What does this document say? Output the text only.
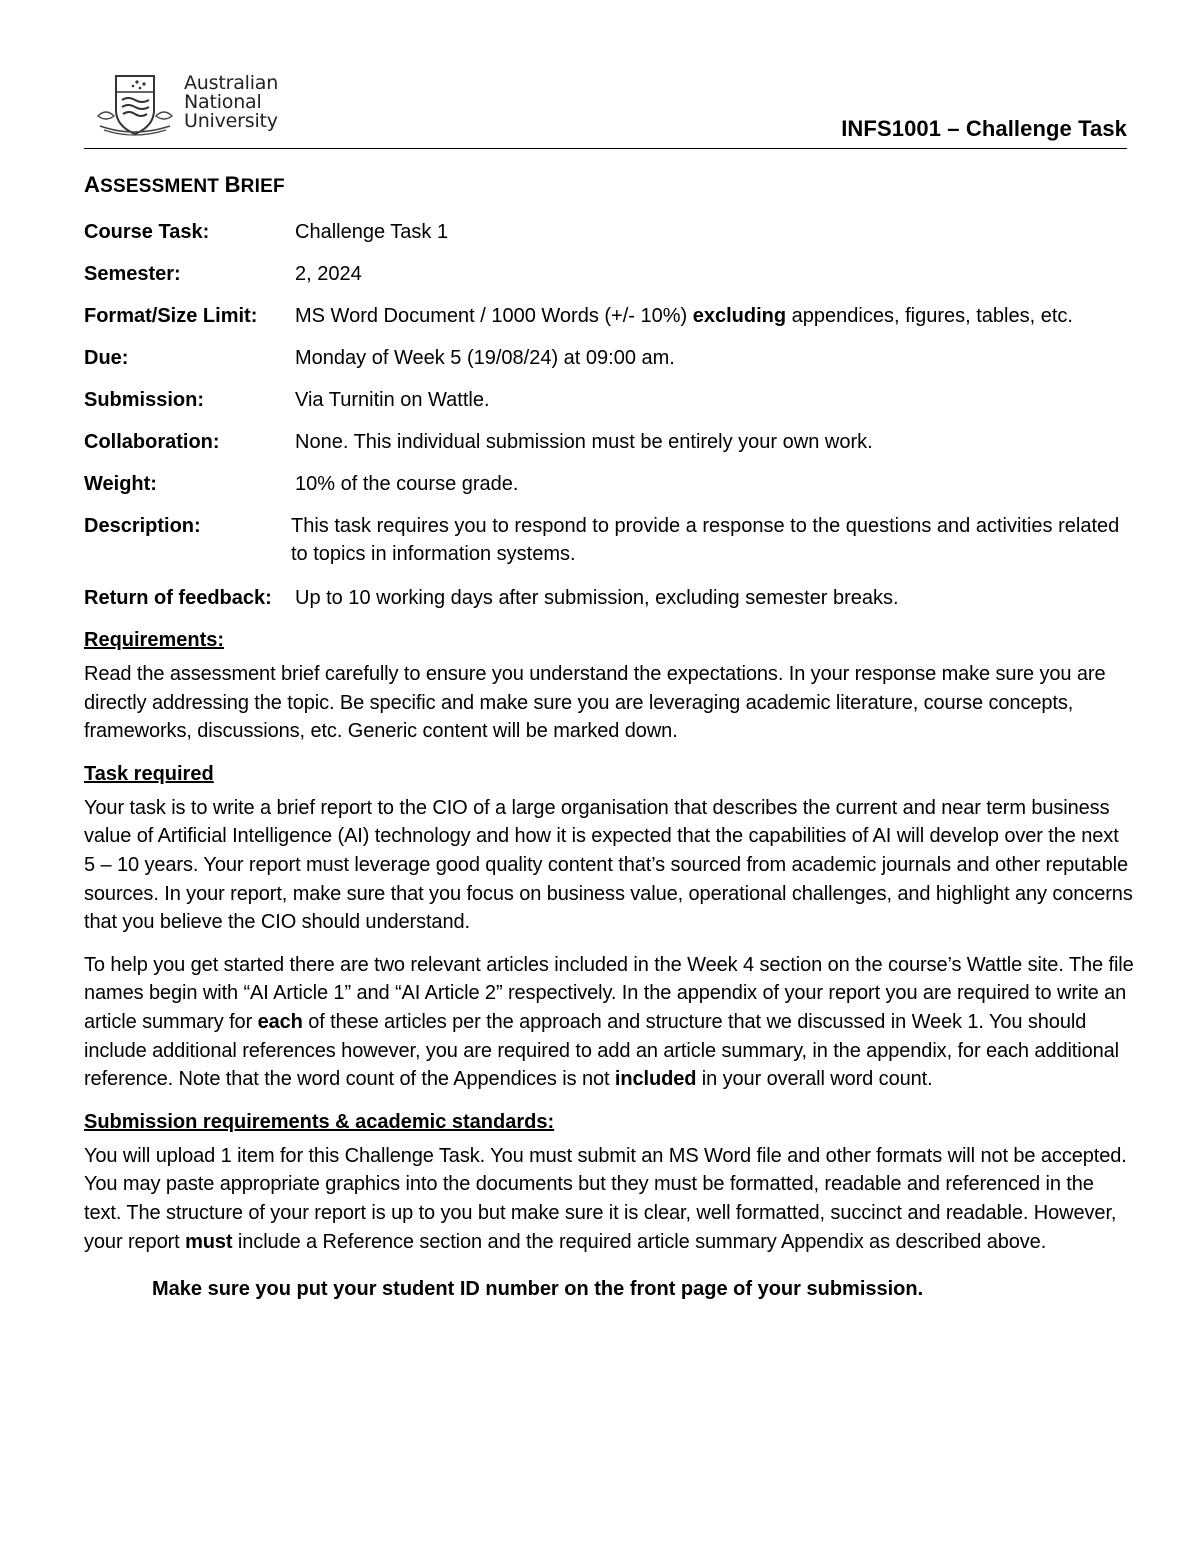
Australian
National
University	INFS1001 – Challenge Task
ASSESSMENT BRIEF
Course Task:	Challenge Task 1
Semester:	2, 2024
Format/Size Limit:	MS Word Document / 1000 Words (+/- 10%) excluding appendices, figures, tables, etc.
Due:	Monday of Week 5 (19/08/24) at 09:00 am.
Submission:	Via Turnitin on Wattle.
Collaboration:	None. This individual submission must be entirely your own work.
Weight:	10% of the course grade.
Description:	This task requires you to respond to provide a response to the questions and activities related to topics in information systems.
Return of feedback:	Up to 10 working days after submission, excluding semester breaks.
Requirements:

Read the assessment brief carefully to ensure you understand the expectations. In your response make sure you are directly addressing the topic. Be specific and make sure you are leveraging academic literature, course concepts, frameworks, discussions, etc. Generic content will be marked down.

Task required

Your task is to write a brief report to the CIO of a large organisation that describes the current and near term business value of Artificial Intelligence (AI) technology and how it is expected that the capabilities of AI will develop over the next 5 – 10 years. Your report must leverage good quality content that’s sourced from academic journals and other reputable sources. In your report, make sure that you focus on business value, operational challenges, and highlight any concerns that you believe the CIO should understand.

To help you get started there are two relevant articles included in the Week 4 section on the course’s Wattle site. The file names begin with “AI Article 1” and “AI Article 2” respectively. In the appendix of your report you are required to write an article summary for each of these articles per the approach and structure that we discussed in Week 1. You should include additional references however, you are required to add an article summary, in the appendix, for each additional reference. Note that the word count of the Appendices is not included in your overall word count.

Submission requirements & academic standards:

You will upload 1 item for this Challenge Task. You must submit an MS Word file and other formats will not be accepted. You may paste appropriate graphics into the documents but they must be formatted, readable and referenced in the text. The structure of your report is up to you but make sure it is clear, well formatted, succinct and readable. However, your report must include a Reference section and the required article summary Appendix as described above.

Make sure you put your student ID number on the front page of your submission.
